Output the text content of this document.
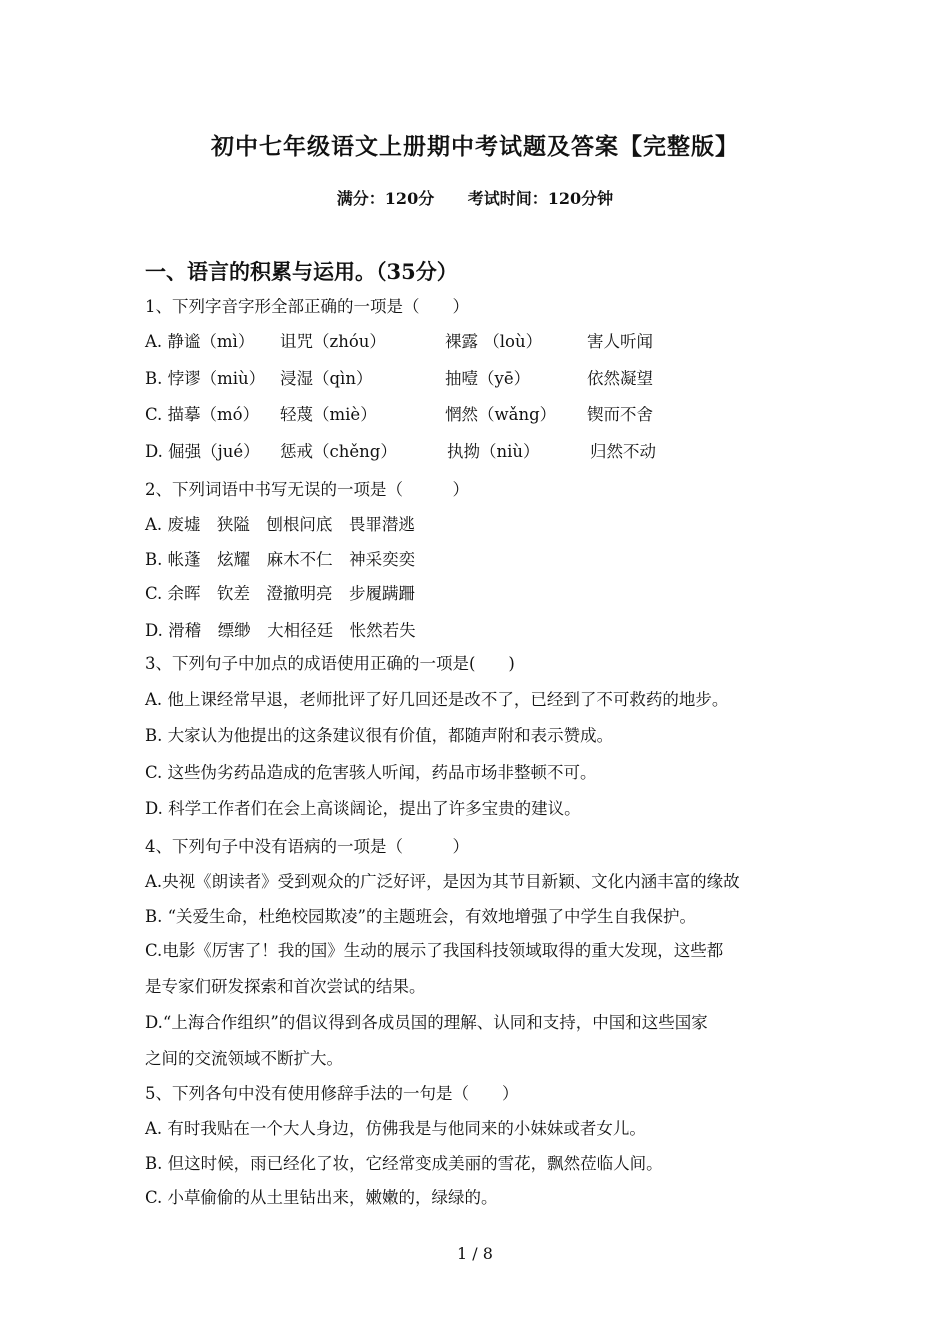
初中七年级语文上册期中考试题及答案【完整版】
满分：120分 考试时间：120分钟
一、语言的积累与运用。（35分）
1、下列字音字形全部正确的一项是（　　）
A. 静谧（mì）	诅咒（zhóu）	裸露 （loù）	害人听闻
B. 悖谬（miù） 浸湿（qìn）	抽噎（yē）	依然凝望
C. 描摹（mó）	轻蔑（miè）	惘然（wǎng）	锲而不舍
D. 倔强（jué）	惩戒（chěng）	执拗（niù）	归然不动
2、下列词语中书写无误的一项是（　　　）
A. 废墟　狭隘　刨根问底　畏罪潜逃
B. 帐蓬　炫耀　麻木不仁　神采奕奕
C. 余晖　钦差　澄撤明亮　步履蹒跚
D. 滑稽　缥缈　大相径廷　怅然若失
3、下列句子中加点的成语使用正确的一项是(　　)
A. 他上课经常早退，老师批评了好几回还是改不了，已经到了不可救药的地步。
B. 大家认为他提出的这条建议很有价值，都随声附和表示赞成。
C. 这些伪劣药品造成的危害骇人听闻，药品市场非整顿不可。
D. 科学工作者们在会上高谈阔论，提出了许多宝贵的建议。
4、下列句子中没有语病的一项是（　　　）
A.央视《朗读者》受到观众的广泛好评，是因为其节目新颖、文化内涵丰富的缘故
B. “关爱生命，杜绝校园欺凌”的主题班会，有效地增强了中学生自我保护。
C.电影《厉害了！我的国》生动的展示了我国科技领域取得的重大发现，这些都
是专家们研发探索和首次尝试的结果。
D.“上海合作组织”的倡议得到各成员国的理解、认同和支持，中国和这些国家
之间的交流领域不断扩大。
5、下列各句中没有使用修辞手法的一句是（　　）
A. 有时我贴在一个大人身边，仿佛我是与他同来的小妹妹或者女儿。
B. 但这时候，雨已经化了妆，它经常变成美丽的雪花，飘然莅临人间。
C. 小草偷偷的从土里钻出来，嫩嫩的，绿绿的。
1 / 8
